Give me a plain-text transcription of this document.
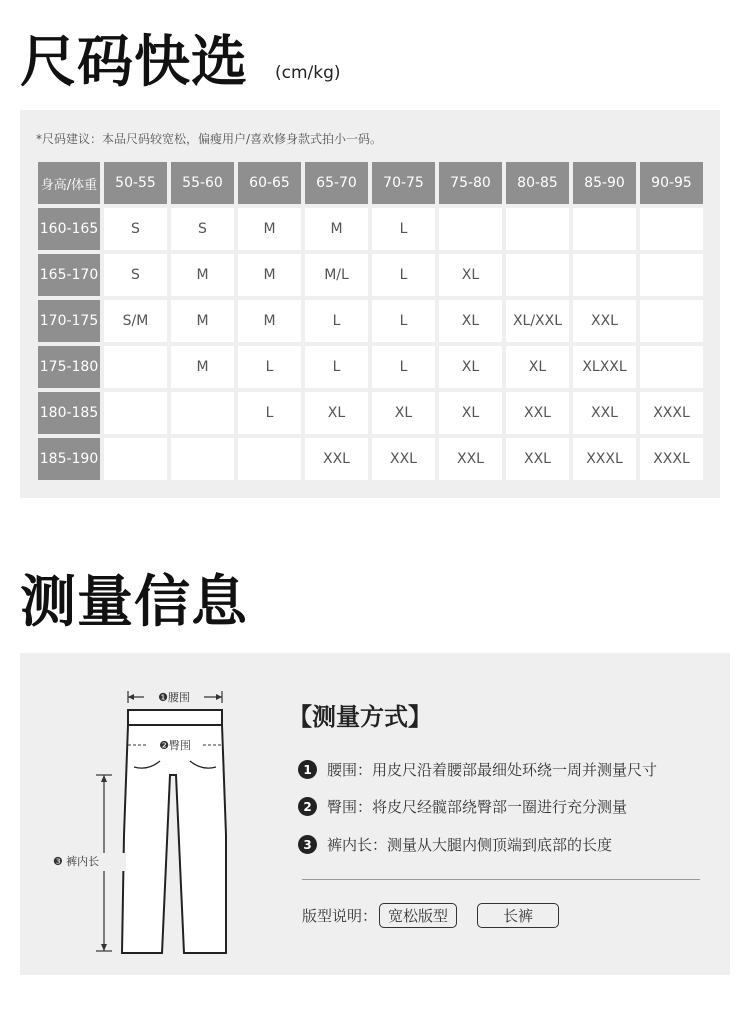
尺码快选 (cm/kg)
*尺码建议：本品尺码较宽松，偏瘦用户/喜欢修身款式拍小一码。
身高/体重	50-55	55-60	60-65	65-70	70-75	75-80	80-85	85-90	90-95
160-165	S	S	M	M	L				
165-170	S	M	M	M/L	L	XL			
170-175	S/M	M	M	L	L	XL	XL/XXL	XXL	
175-180		M	L	L	L	XL	XL	XLXXL	
180-185			L	XL	XL	XL	XXL	XXL	XXXL
185-190				XXL	XXL	XXL	XXL	XXXL	XXXL
测量信息
❶腰围
❷臀围
❸ 裤内长
【测量方式】
1	腰围：用皮尺沿着腰部最细处环绕一周并测量尺寸
2	臀围：将皮尺经髋部绕臀部一圈进行充分测量
3	裤内长：测量从大腿内侧顶端到底部的长度
版型说明： 宽松版型	长裤
